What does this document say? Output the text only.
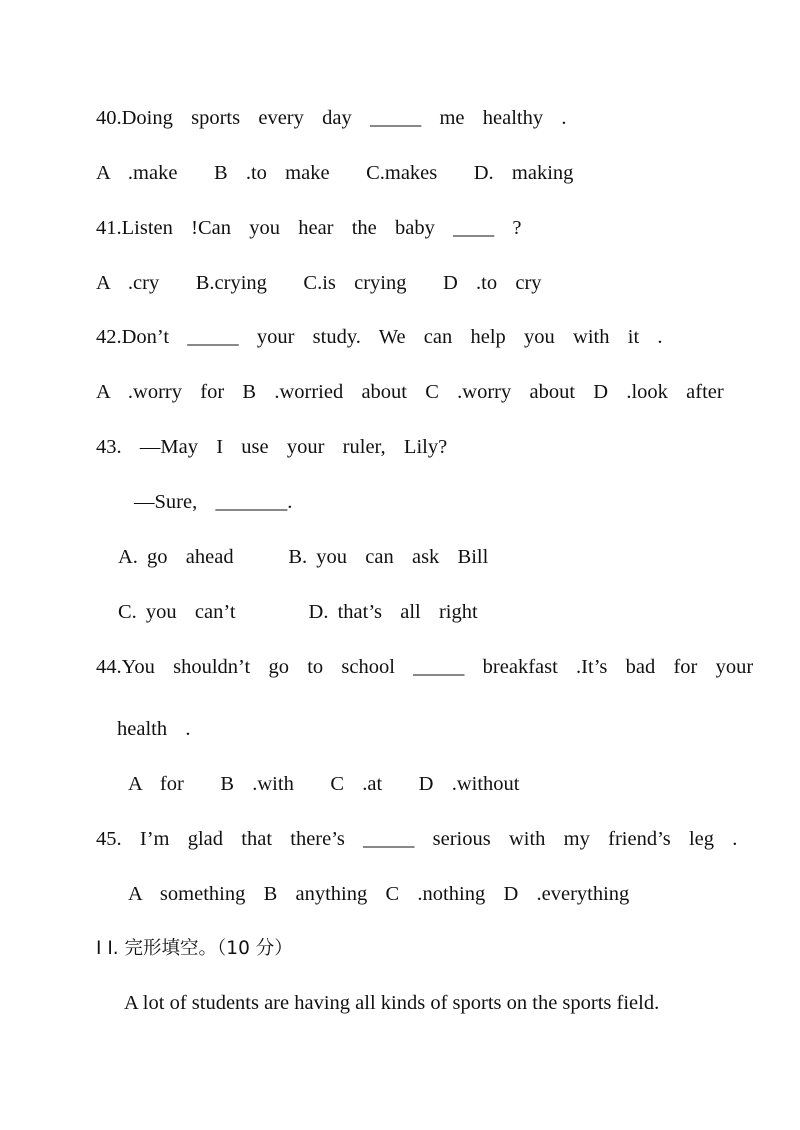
40.Doing  sports  every  day  _____  me  healthy  .
A  .make    B  .to  make    C.makes    D.  making
41.Listen  !Can  you  hear  the  baby  ____  ?
A  .cry    B.crying    C.is  crying    D  .to  cry
42.Don’t  _____  your  study.  We  can  help  you  with  it  .
A  .worry  for  B  .worried  about  C  .worry  about  D  .look  after
43.  —May  I  use  your  ruler,  Lily?
—Sure,  _______.
A. go  ahead      B. you  can  ask  Bill
C. you  can’t        D. that’s  all  right
44.You  shouldn’t  go  to  school  _____  breakfast  .It’s  bad  for  your
health  .
A  for    B  .with    C  .at    D  .without
45.  I’m  glad  that  there’s  _____  serious  with  my  friend’s  leg  .
A  something  B  anything  C  .nothing  D  .everything
I I. 完形填空。（10 分）
A lot of students are having all kinds of sports on the sports field.
